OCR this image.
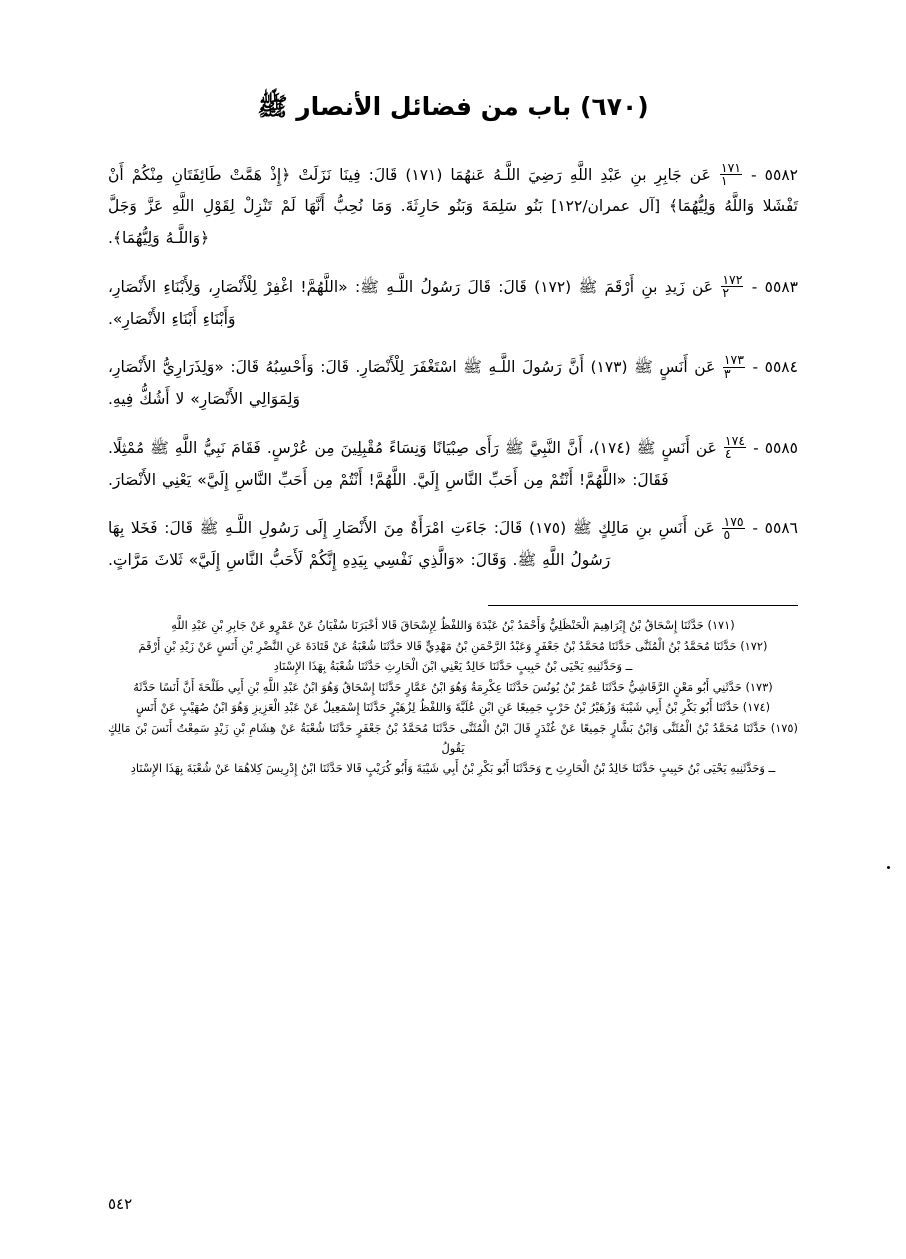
(٦٧٠) باب من فضائل الأنصار ﷺ

٥٥٨٢ -
$\frac{١٧١}{١}$
عَن جَابِرِ بنِ عَبْدِ اللَّهِ رَضِيَ اللَّـهُ عَنهُمَا (١٧١) قَالَ: فِينَا نَزَلَتْ ﴿إِذْ هَمَّتْ طَائِفَتَانِ مِنْكُمْ أَنْ تَفْشَلا وَاللَّهُ وَلِيُّهُمَا﴾ [آل عمران/١٢٢] بَنُو سَلِمَةَ وَبَنُو حَارِثَةَ. وَمَا نُحِبُّ أَنَّهَا لَمْ تَنْزِلْ لِقَوْلِ اللَّهِ عَزَّ وَجَلَّ ﴿وَاللَّـهُ وَلِيُّهُمَا﴾.

٥٥٨٣ -
$\frac{١٧٢}{٢}$
عَن زَيدِ بنِ أَرْقَمَ ﷺ (١٧٢) قَالَ: قَالَ رَسُولُ اللَّـهِ ﷺ: «اللَّهُمَّ! اغْفِرْ لِلْأَنْصَارِ، وَلِأَبْنَاءِ الأَنْصَارِ، وَأَبْنَاءِ أَبْنَاءِ الأَنْصَارِ».

٥٥٨٤ -
$\frac{١٧٣}{٣}$
عَن أَنَسٍ ﷺ (١٧٣) أَنَّ رَسُولَ اللَّـهِ ﷺ اسْتَغْفَرَ لِلْأَنْصَارِ. قَالَ: وَأَحْسِبُهُ قَالَ: «وَلِذَرَارِيُّ الأَنْصَارِ، وَلِمَوَالِي الأَنْصَارِ» لا أَشُكُّ فِيهِ.

٥٥٨٥ -
$\frac{١٧٤}{٤}$
عَن أَنَسٍ ﷺ (١٧٤)، أَنَّ النَّبِيَّ ﷺ رَأَى صِبْيَانًا وَنِسَاءً مُقْبِلِينَ مِن عُرْسٍ. فَقَامَ نَبِيُّ اللَّهِ ﷺ مُمْثِلًا. فَقَالَ: «اللَّهُمَّ! أَنْتُمْ مِن أَحَبِّ النَّاسِ إِلَيَّ. اللَّهُمَّ! أَنْتُمْ مِن أَحَبِّ النَّاسِ إِلَيَّ» يَعْنِي الأَنْصَارَ.

٥٥٨٦ -
$\frac{١٧٥}{٥}$
عَن أَنَسِ بنِ مَالِكٍ ﷺ (١٧٥) قَالَ: جَاءَتِ امْرَأَةٌ مِنَ الأَنْصَارِ إِلَى رَسُولِ اللَّـهِ ﷺ قَالَ: فَخَلا بِهَا رَسُولُ اللَّهِ ﷺ. وَقَالَ: «وَالَّذِي نَفْسِي بِيَدِهِ إِنَّكُمْ لَأَحَبُّ النَّاسِ إِلَيَّ» ثَلاثَ مَرَّاتٍ.

(١٧١) حَدَّثَنَا إِسْحَاقُ بْنُ إِبْرَاهِيمَ الْحَنْظَلِيُّ وَأَحْمَدُ بْنُ عَبْدَةَ وَاللفْظُ لِإِسْحَاقَ قَالا أخْبَرَنَا سُفْيَانُ عَنْ عَمْرٍو عَنْ جَابِرِ بْنِ عَبْدِ اللَّهِ
(١٧٢) حَدَّثَنَا مُحَمَّدُ بْنُ الْمُثَنَّى حَدَّثَنَا مُحَمَّدُ بْنُ جَعْفَرٍ وَعَبْدُ الرَّحْمَنِ بْنُ مَهْدِيٍّ قَالا حَدَّثَنَا شُعْبَةُ عَنْ قَتَادَةَ عَنِ النَّضْرِ بْنِ أَنَسٍ عَنْ زَيْدِ بْنِ أَرْقَمَ
ــ وَحَدَّثَنِيهِ يَحْيَى بْنُ حَبِيبٍ حَدَّثَنَا خَالِدٌ يَعْنِي ابْنَ الْحَارِثِ حَدَّثَنَا شُعْبَةُ بِهَذَا الإِسْنَادِ
(١٧٣) حَدَّثَنِي أَبُو مَعْنٍ الرَّقَاشِيُّ حَدَّثَنَا عُمَرُ بْنُ يُونُسَ حَدَّثَنَا عِكْرِمَةُ وَهُوَ ابْنُ عَمَّارٍ حَدَّثَنَا إِسْحَاقُ وَهُوَ ابْنُ عَبْدِ اللَّهِ بْنِ أَبِي طَلْحَةَ أَنَّ أَنَسًا حَدَّثَهُ
(١٧٤) حَدَّثَنَا أَبُو بَكْرِ بْنُ أَبِي شَيْبَةَ وَزُهَيْرُ بْنُ حَرْبٍ جَمِيعًا عَنِ ابْنِ عُلَيَّةَ وَاللفْظُ لِزُهَيْرٍ حَدَّثَنَا إِسْمَعِيلُ عَنْ عَبْدِ الْعَزِيزِ وَهُوَ ابْنُ صُهَيْبٍ عَنْ أَنَسٍ
(١٧٥) حَدَّثَنَا مُحَمَّدُ بْنُ الْمُثَنَّى وَابْنُ بَشَّارٍ جَمِيعًا عَنْ غُنْدَرٍ قَالَ ابْنُ الْمُثَنَّى حَدَّثَنَا مُحَمَّدُ بْنُ جَعْفَرٍ حَدَّثَنَا شُعْبَةُ عَنْ هِشَامِ بْنِ زَيْدٍ سَمِعْتُ أَنَسَ بْنَ مَالِكٍ يَقُولُ
ــ وَحَدَّثَنِيهِ يَحْيَى بْنُ حَبِيبٍ حَدَّثَنَا خَالِدُ بْنُ الْحَارِثِ ح وَحَدَّثَنَا أَبُو بَكْرِ بْنُ أَبِي شَيْبَةَ وَأَبُو كُرَيْبٍ قَالا حَدَّثَنَا ابْنُ إِدْرِيسَ كِلاهُمَا عَنْ شُعْبَةَ بِهَذَا الإِسْنَادِ
٥٤٢
